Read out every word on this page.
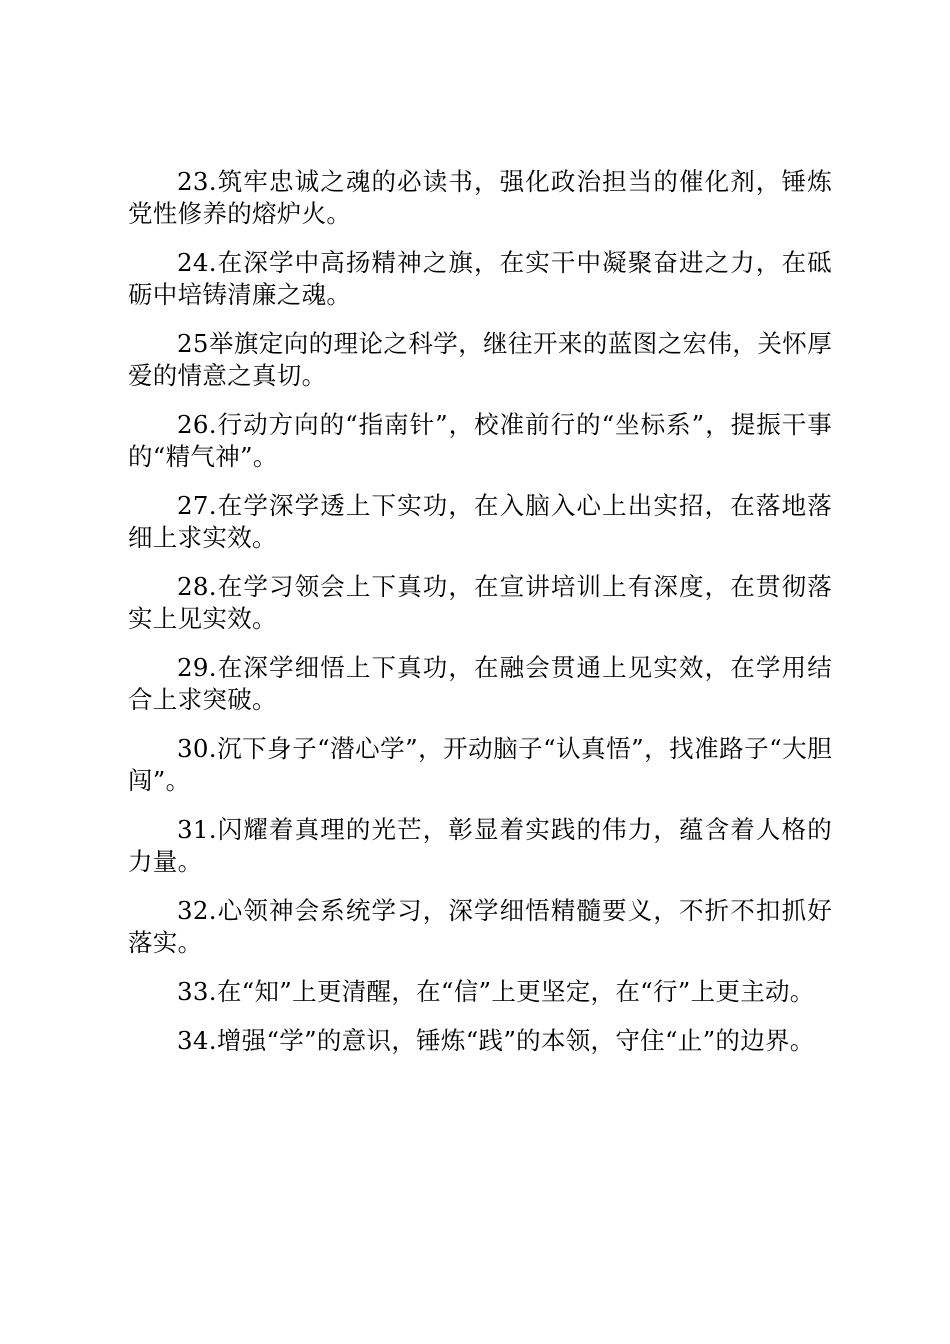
23.筑牢忠诚之魂的必读书，强化政治担当的催化剂，锤炼党性修养的熔炉火。

24.在深学中高扬精神之旗，在实干中凝聚奋进之力，在砥砺中培铸清廉之魂。

25举旗定向的理论之科学，继往开来的蓝图之宏伟，关怀厚爱的情意之真切。

26.行动方向的“指南针”，校准前行的“坐标系”，提振干事的“精气神”。

27.在学深学透上下实功，在入脑入心上出实招，在落地落细上求实效。

28.在学习领会上下真功，在宣讲培训上有深度，在贯彻落实上见实效。

29.在深学细悟上下真功，在融会贯通上见实效，在学用结合上求突破。

30.沉下身子“潜心学”，开动脑子“认真悟”，找准路子“大胆闯”。

31.闪耀着真理的光芒，彰显着实践的伟力，蕴含着人格的力量。

32.心领神会系统学习，深学细悟精髓要义，不折不扣抓好落实。

33.在“知”上更清醒，在“信”上更坚定，在“行”上更主动。

34.增强“学”的意识，锤炼“践”的本领，守住“止”的边界。
